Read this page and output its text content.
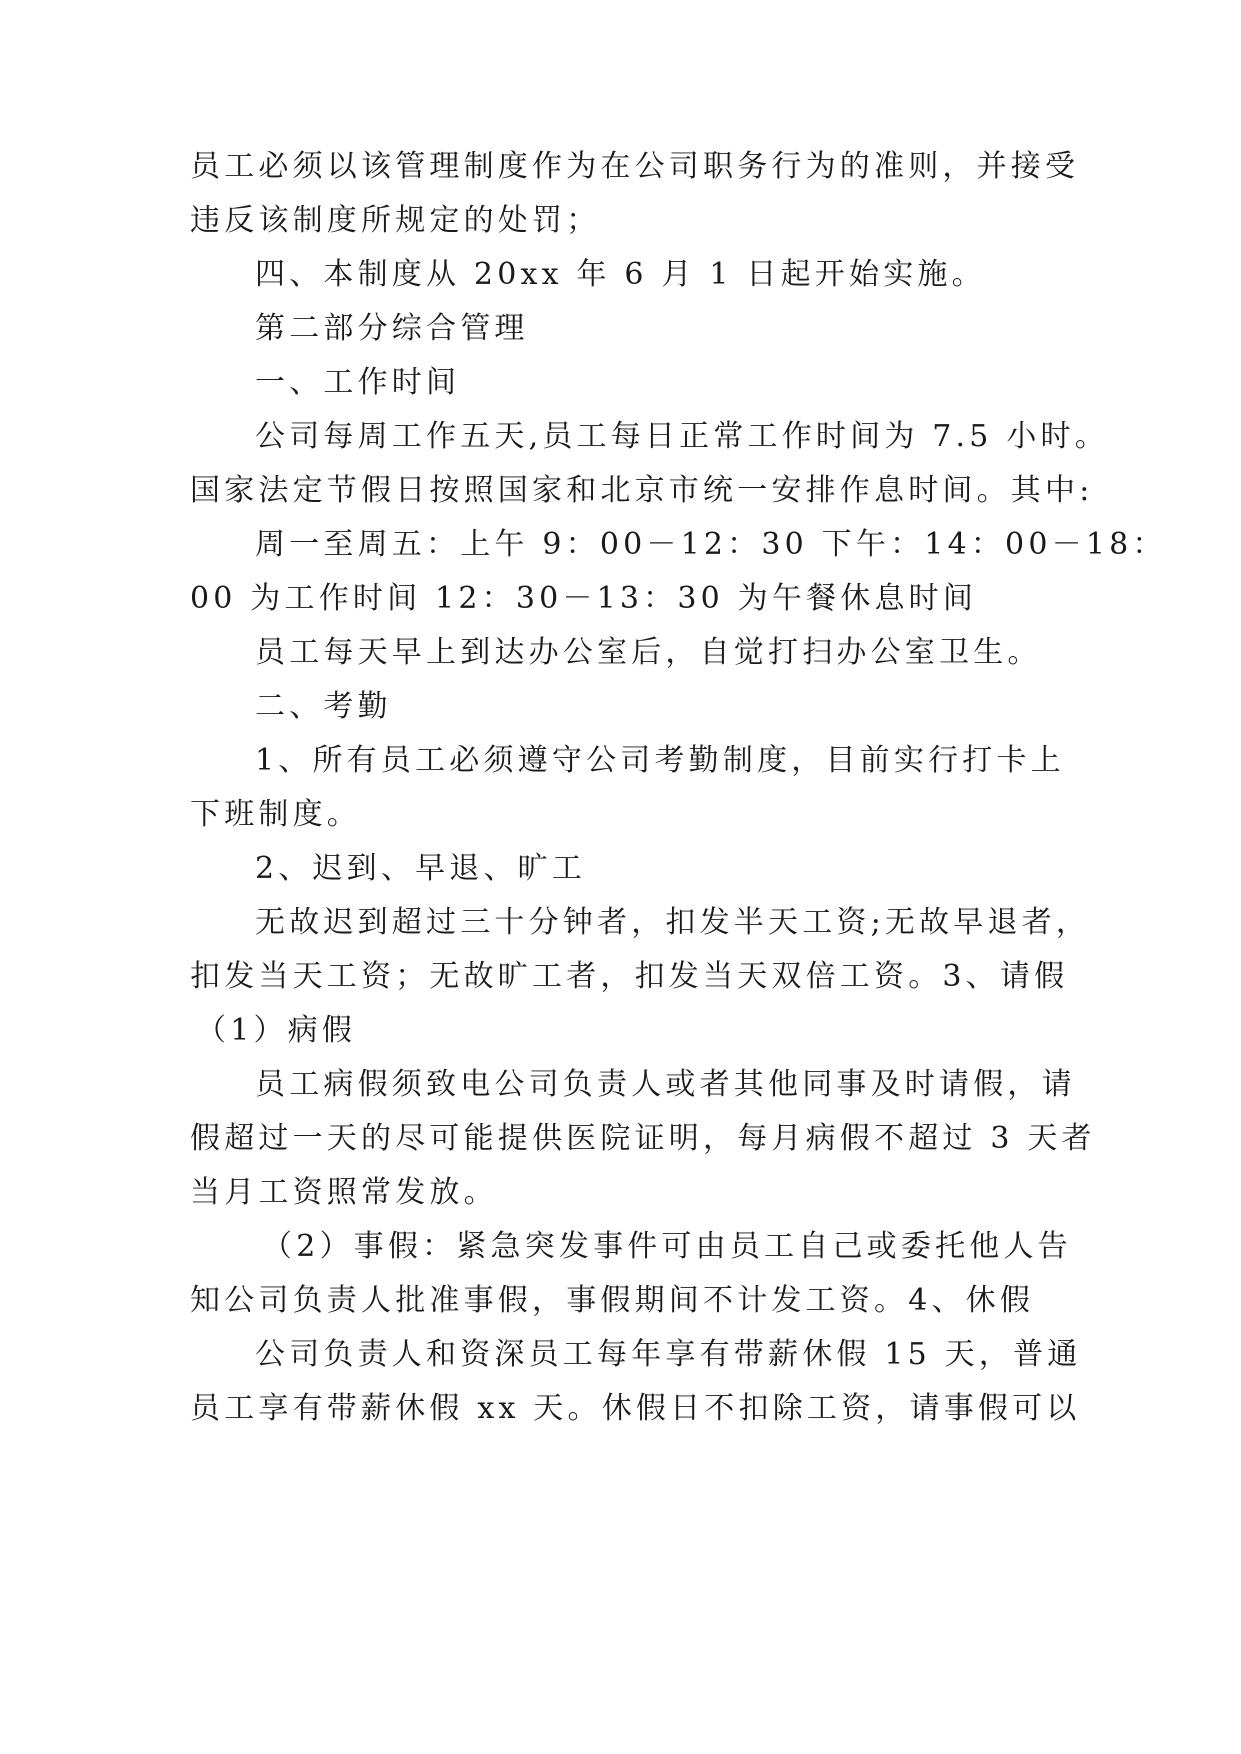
员工必须以该管理制度作为在公司职务行为的准则，并接受
违反该制度所规定的处罚；
四、本制度从 20xx 年 6 月 1 日起开始实施。
第二部分综合管理
一、工作时间
公司每周工作五天,员工每日正常工作时间为 7.5 小时。
国家法定节假日按照国家和北京市统一安排作息时间。其中:
周一至周五：上午 9：00－12：30 下午：14：00－18：
00 为工作时间 12：30－13：30 为午餐休息时间
员工每天早上到达办公室后，自觉打扫办公室卫生。
二、考勤
1、所有员工必须遵守公司考勤制度，目前实行打卡上
下班制度。
2、迟到、早退、旷工
无故迟到超过三十分钟者，扣发半天工资;无故早退者，
扣发当天工资；无故旷工者，扣发当天双倍工资。3、请假
（1）病假
员工病假须致电公司负责人或者其他同事及时请假，请
假超过一天的尽可能提供医院证明，每月病假不超过 3 天者
当月工资照常发放。
（2）事假：紧急突发事件可由员工自己或委托他人告
知公司负责人批准事假，事假期间不计发工资。4、休假
公司负责人和资深员工每年享有带薪休假 15 天，普通
员工享有带薪休假 xx 天。休假日不扣除工资，请事假可以
